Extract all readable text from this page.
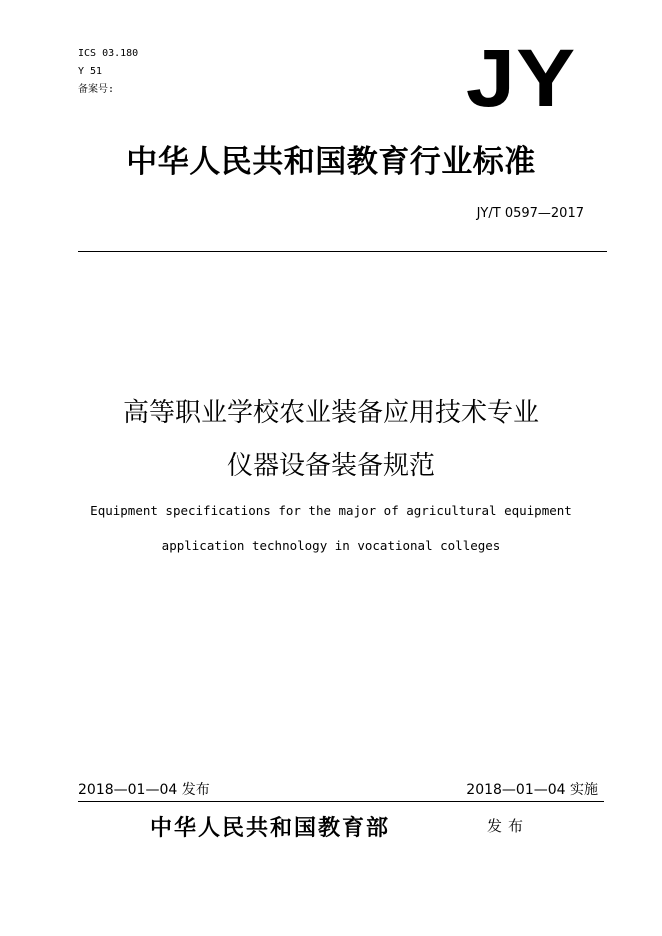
ICS 03.180
Y 51
备案号:	JY
中华人民共和国教育行业标准
JY/T 0597—2017
高等职业学校农业装备应用技术专业
仪器设备装备规范
Equipment specifications for the major of agricultural equipment
application technology in vocational colleges
2018—01—04 发布	2018—01—04 实施
中华人民共和国教育部	发布
